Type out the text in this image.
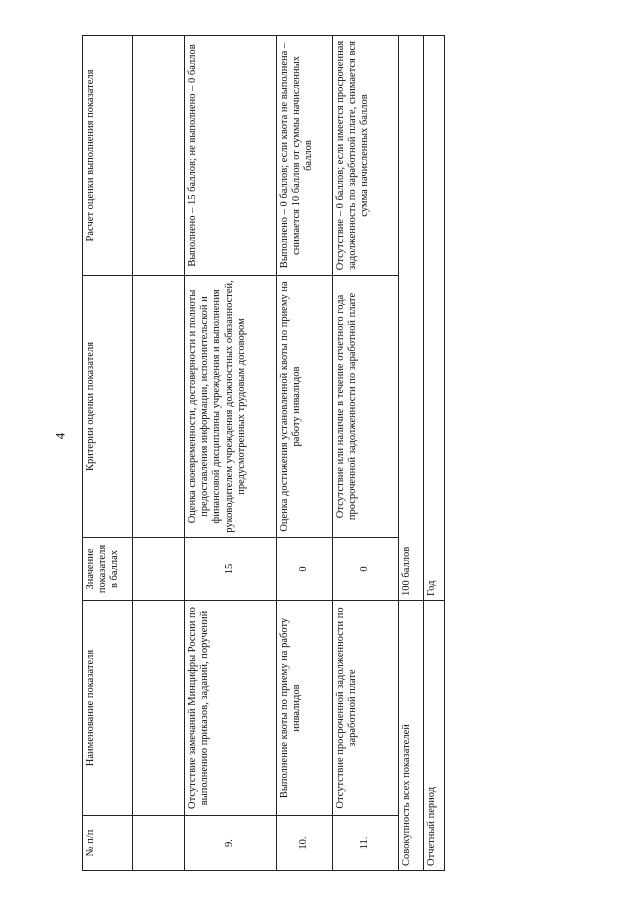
4
№ п/п	Наименование показателя	Значение показателя в баллах	Критерии оценки показателя	Расчет оценки выполнения показателя

9.	Отсутствие замечаний Минцифры России по выполнению приказов, заданий, поручений	15	Оценка своевременности, достоверности и полноты предоставления информации, исполнительской и финансовой дисциплины учреждения и выполнения руководителем учреждения должностных обязанностей, предусмотренных трудовым договором	Выполнено – 15 баллов; не выполнено – 0 баллов
10.	Выполнение квоты по приему на работу инвалидов	0	Оценка достижения установленной квоты по приему на работу инвалидов	Выполнено – 0 баллов; если квота не выполнена – снимается 10 баллов от суммы начисленных баллов
11.	Отсутствие просроченной задолженности по заработной плате	0	Отсутствие или наличие в течение отчетного года просроченной задолженности по заработной плате	Отсутствие – 0 баллов; если имеется просроченная задолженность по заработной плате, снимается вся сумма начисленных баллов
Совокупность всех показателей		100 баллов		
Отчетный период		Год		
